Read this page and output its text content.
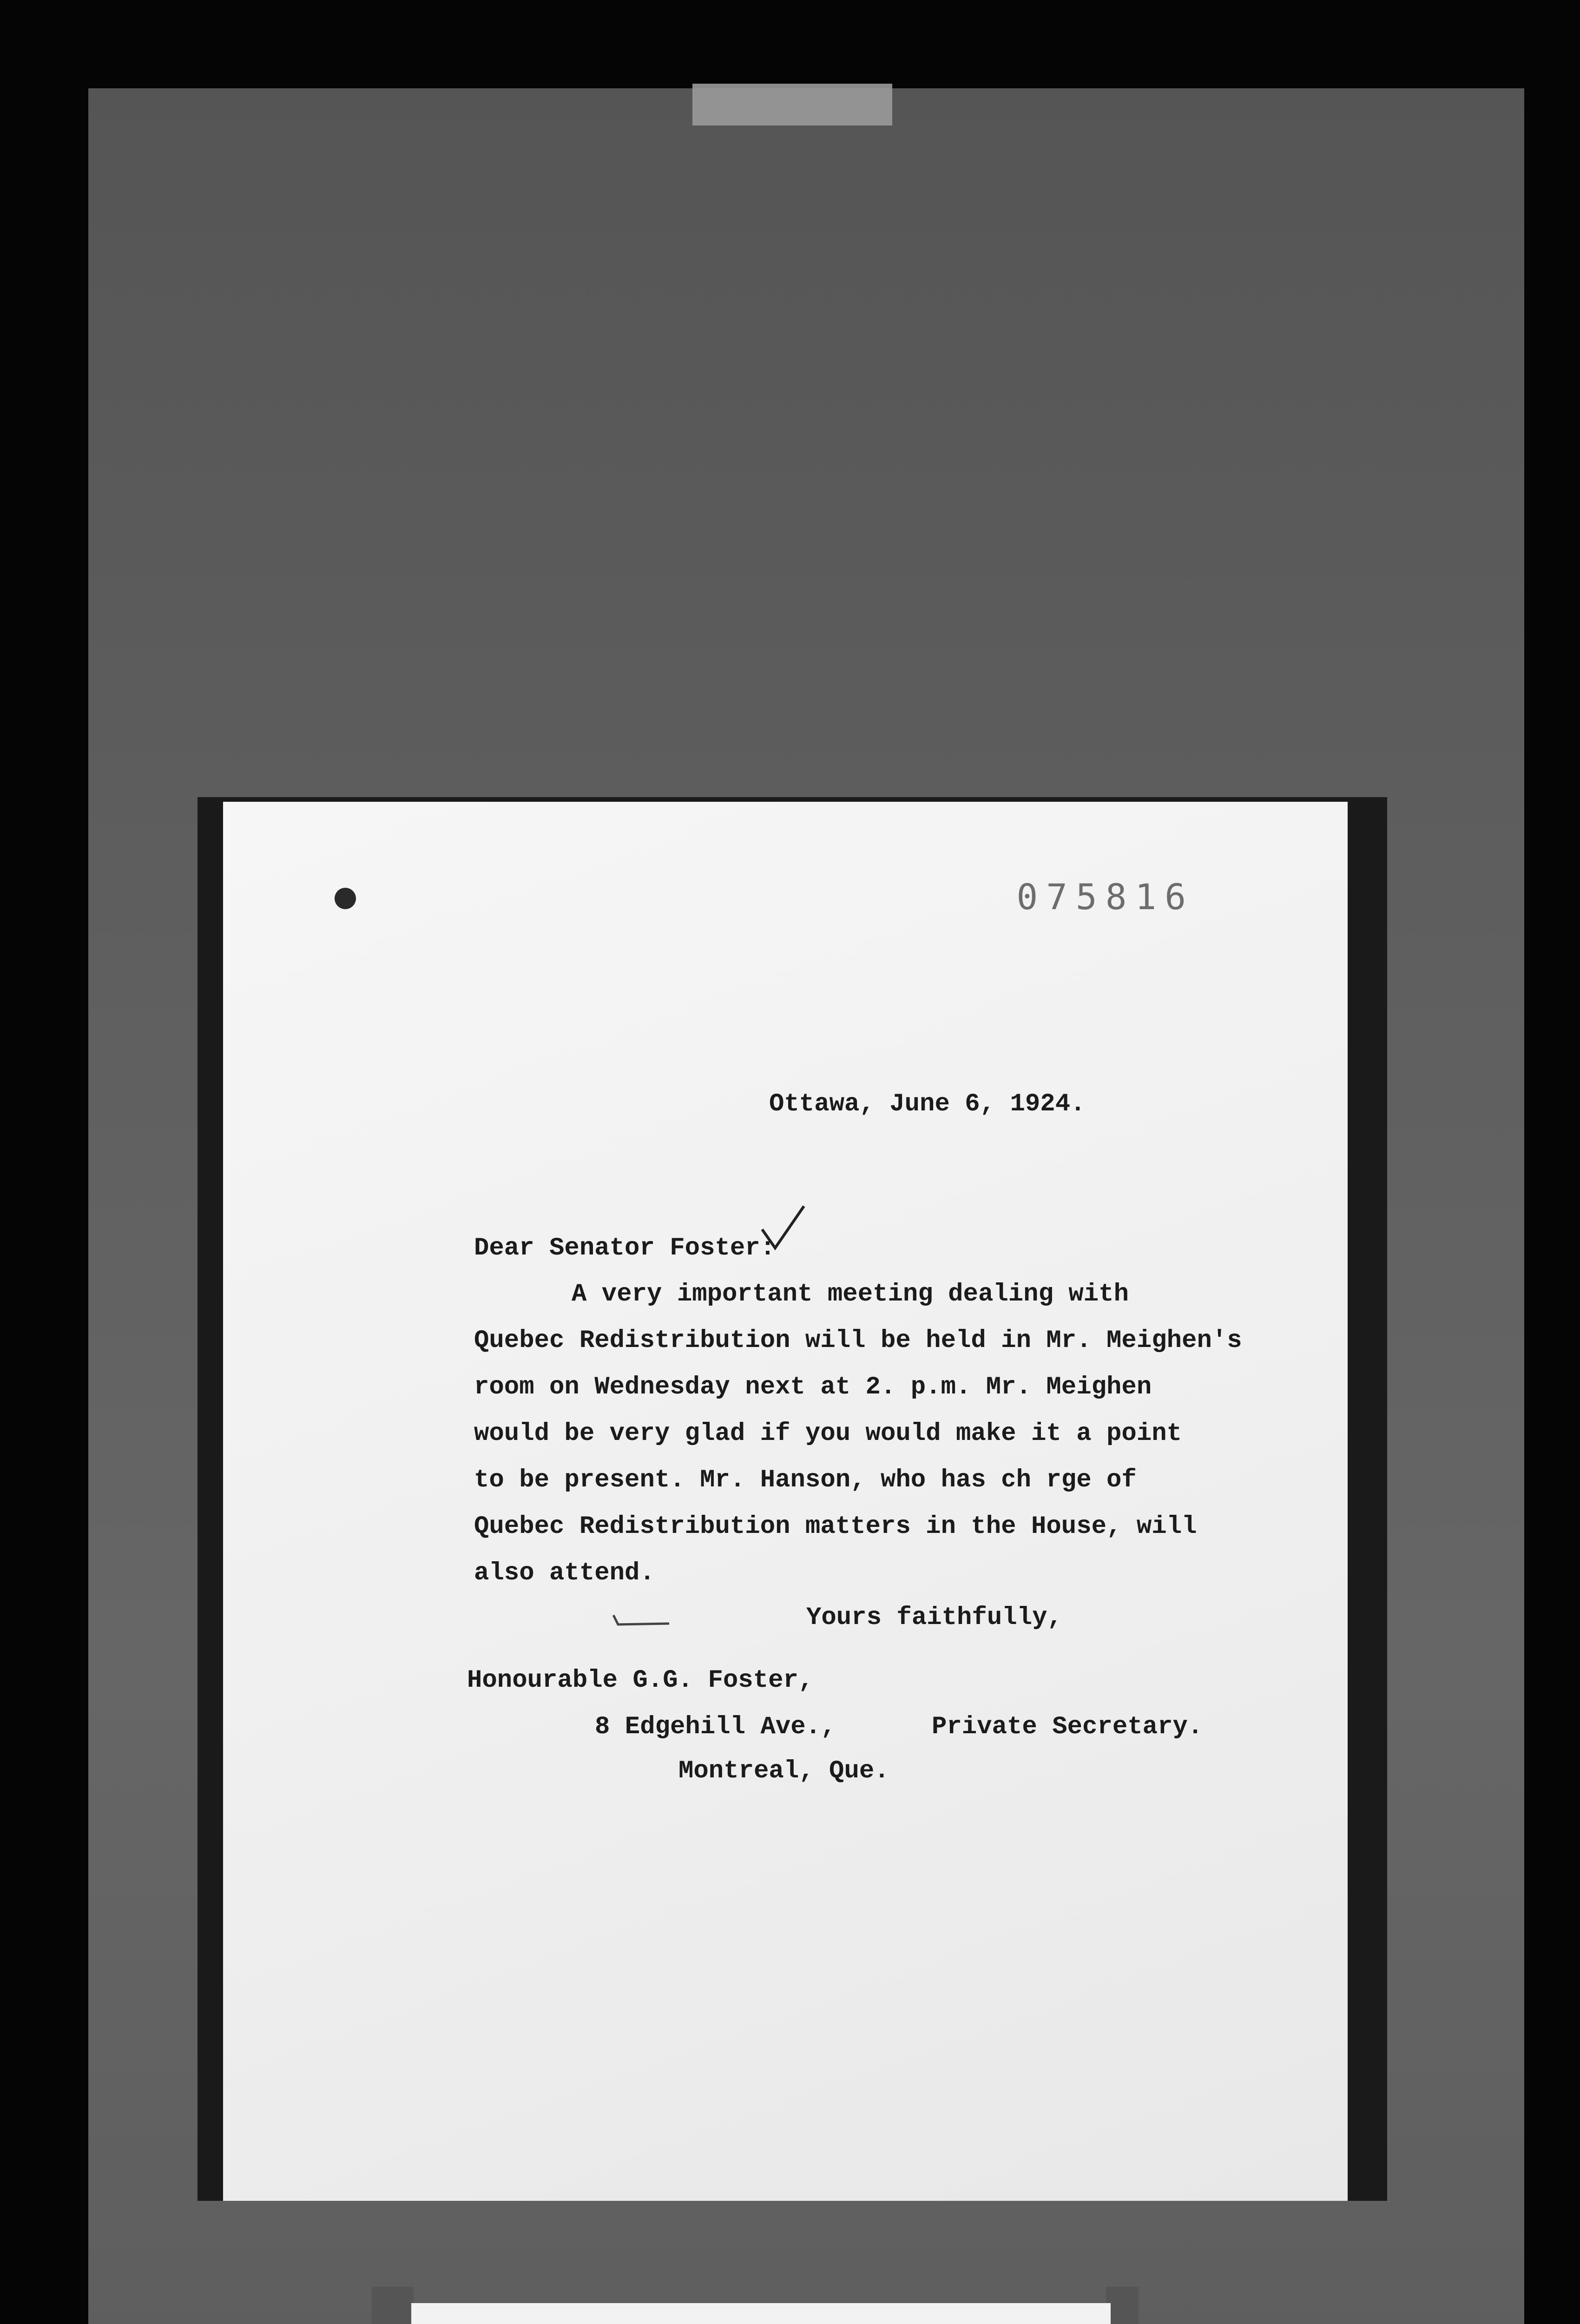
075816
Ottawa, June 6, 1924.
Dear Senator Foster:

A very important meeting dealing with

Quebec Redistribution will be held in Mr. Meighen's

room on Wednesday next at 2. p.m. Mr. Meighen

would be very glad if you would make it a point

to be present. Mr. Hanson, who has ch rge of

Quebec Redistribution matters in the House, will

also attend.

Yours faithfully,
Honourable G.G. Foster,
8 Edgehill Ave.,
Montreal, Que.
Private Secretary.
